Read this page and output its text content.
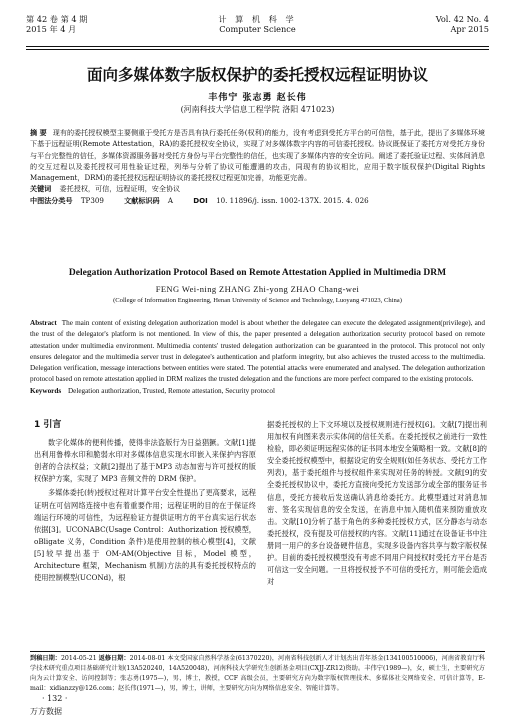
第 42 卷 第 4 期
2015 年 4 月
计 算 机 科 学
Computer Science
Vol. 42 No. 4
Apr 2015
面向多媒体数字版权保护的委托授权远程证明协议
丰伟宁 张志勇 赵长伟
(河南科技大学信息工程学院 洛阳 471023)
摘 要 现有的委托授权模型主要侧重于受托方是否具有执行委托任务(权利)的能力，没有考虑到受托方平台的可信性，基于此，提出了多媒体环境下基于远程证明(Remote Attestation，RA)的委托授权安全协议，实现了对多媒体数字内容的可信委托授权。协议既保证了委托方对受托方身份与平台完整性的信任，多媒体资源服务器对受托方身份与平台完整性的信任，也实现了多媒体内容的安全访问。阐述了委托验证过程、实体间消息的交互过程以及委托授权可用性验证过程，列举与分析了协议可能遭遇的攻击，同现有的协议相比，应用于数字版权保护(Digital Rights Management，DRM)的委托授权远程证明协议的委托授权过程更加完善，功能更完善。
关键词 委托授权，可信，远程证明，安全协议
中图法分类号 TP309	文献标识码 A	DOI 10. 11896/j. issn. 1002-137X. 2015. 4. 026
Delegation Authorization Protocol Based on Remote Attestation Applied in Multimedia DRM
FENG Wei-ning ZHANG Zhi-yong ZHAO Chang-wei
(College of Information Engineering, Henan University of Science and Technology, Luoyang 471023, China)
Abstract The main content of existing delegation authorization model is about whether the delegatee can execute the delegated assignment(privilege), and the trust of the delegator's platform is not mentioned. In view of this, the paper presented a delegation authorization security protocol based on remote attestation under multimedia environment. Multimedia contents' trusted delegation authorization can be guaranteed in the protocol. This protocol not only ensures delegator and the multimedia server trust in delegatee's authentication and platform integrity, but also achieves the trusted access to the multimedia. Delegation verification, message interactions between entities were stated. The potential attacks were enumerated and analysed. The delegation authorization protocol based on remote attestation applied in DRM realizes the trusted delegation and the functions are more perfect compared to the existing protocols.
Keywords Delegation authorization, Trusted, Remote attestation, Security protocol
1 引言

数字化媒体的便利传播，使得非法盗版行为日益猖獗。文献[1]提出利用鲁棒水印和脆弱水印对多媒体信息实现水印嵌入来保护内容原创者的合法权益；文献[2]提出了基于MP3 动态加密与许可授权的版权保护方案，实现了 MP3 音频文件的 DRM 保护。

多媒体委托(转)授权过程对计算平台安全性提出了更高要求，远程证明在可信网络连接中也有着重要作用；远程证明的目的在于保证终端运行环境的可信性，为远程验证方提供证明方的平台真实运行状态依据[3]。UCONABC(Usage Control：Authorization 授权模型，oBligate 义务，Condition 条件)是使用控制的核心模型[4]，文献[5]较早提出基于 OM-AM(Objective 目标，Model 模型，Architecture 框架，Mechanism 机制)方法的具有委托授权特点的使用控制模型(UCONd)，根

据委托授权的上下文环境以及授权规则进行授权[6]。文献[7]提出利用加权有向图来表示实体间的信任关系。在委托授权之前进行一致性检验，即必须证明远程实体的证书同本地安全策略相一致。文献[8]的安全委托授权模型中，根据设定的安全规则(如任务状态、受托方工作列表)，基于委托组件与授权组件来实现对任务的转授。文献[9]的安全委托授权协议中，委托方直接向受托方发送部分或全部的服务证书信息，受托方接收后发送确认消息给委托方。此模型通过对消息加密、签名实现信息的安全发送，在消息中加入随机值来预防重放攻击。文献[10]分析了基于角色的多种委托授权方式，区分静态与动态委托授权，没有提及可信授权的内容。文献[11]通过在设备证书中注册同一用户的多台设备硬件信息，实现多设备内容共享与数字版权保护。目前的委托授权模型没有考虑不同用户间授权时受托方平台是否可信这一安全问题。一旦将授权授予不可信的受托方，则可能会造成对

到稿日期：2014-05-21 返修日期：2014-08-01 本文受国家自然科学基金(61370220)，河南省科技创新人才计划杰出青年基金(134100510006)，河南省教育厅科学技术研究重点项目基础研究计划(13A520240，14A520048)，河南科技大学研究生创新基金项目(CXJJ-ZR12)资助。丰伟宁(1989—)，女，硕士生，主要研究方向为云计算安全、访问控制等；张志勇(1975—)，男，博士，教授，CCF 高级会员，主要研究方向为数字版权管理技术、多媒体社交网络安全、可信计算等，E-mail：xidianzzy@126.com；赵长伟(1971—)，男，博士，讲师，主要研究方向为网络信息安全、智能计算等。
· 132 ·
万方数据
